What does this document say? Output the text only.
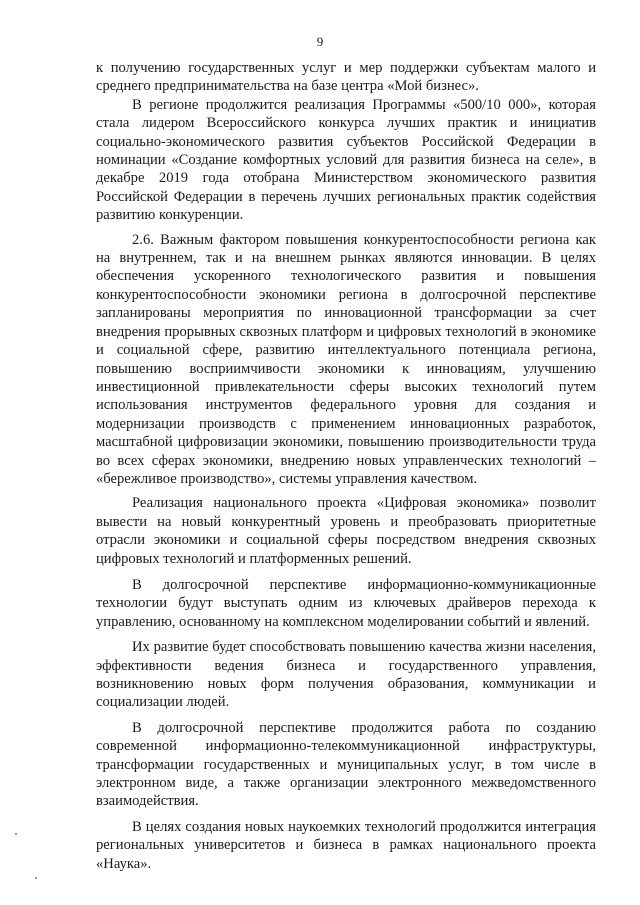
9

к получению государственных услуг и мер поддержки субъектам малого и среднего предпринимательства на базе центра «Мой бизнес».

В регионе продолжится реализация Программы «500/10 000», которая стала лидером Всероссийского конкурса лучших практик и инициатив социально-экономического развития субъектов Российской Федерации в номинации «Создание комфортных условий для развития бизнеса на селе», в декабре 2019 года отобрана Министерством экономического развития Российской Федерации в перечень лучших региональных практик содействия развитию конкуренции.

2.6. Важным фактором повышения конкурентоспособности региона как на внутреннем, так и на внешнем рынках являются инновации. В целях обеспечения ускоренного технологического развития и повышения конкурентоспособности экономики региона в долгосрочной перспективе запланированы мероприятия по инновационной трансформации за счет внедрения прорывных сквозных платформ и цифровых технологий в экономике и социальной сфере, развитию интеллектуального потенциала региона, повышению восприимчивости экономики к инновациям, улучшению инвестиционной привлекательности сферы высоких технологий путем использования инструментов федерального уровня для создания и модернизации производств с применением инновационных разработок, масштабной цифровизации экономики, повышению производительности труда во всех сферах экономики, внедрению новых управленческих технологий – «бережливое производство», системы управления качеством.

Реализация национального проекта «Цифровая экономика» позволит вывести на новый конкурентный уровень и преобразовать приоритетные отрасли экономики и социальной сферы посредством внедрения сквозных цифровых технологий и платформенных решений.

В долгосрочной перспективе информационно-коммуникационные технологии будут выступать одним из ключевых драйверов перехода к управлению, основанному на комплексном моделировании событий и явлений.

Их развитие будет способствовать повышению качества жизни населения, эффективности ведения бизнеса и государственного управления, возникновению новых форм получения образования, коммуникации и социализации людей.

В долгосрочной перспективе продолжится работа по созданию современной информационно-телекоммуникационной инфраструктуры, трансформации государственных и муниципальных услуг, в том числе в электронном виде, а также организации электронного межведомственного взаимодействия.

В целях создания новых наукоемких технологий продолжится интеграция региональных университетов и бизнеса в рамках национального проекта «Наука».
